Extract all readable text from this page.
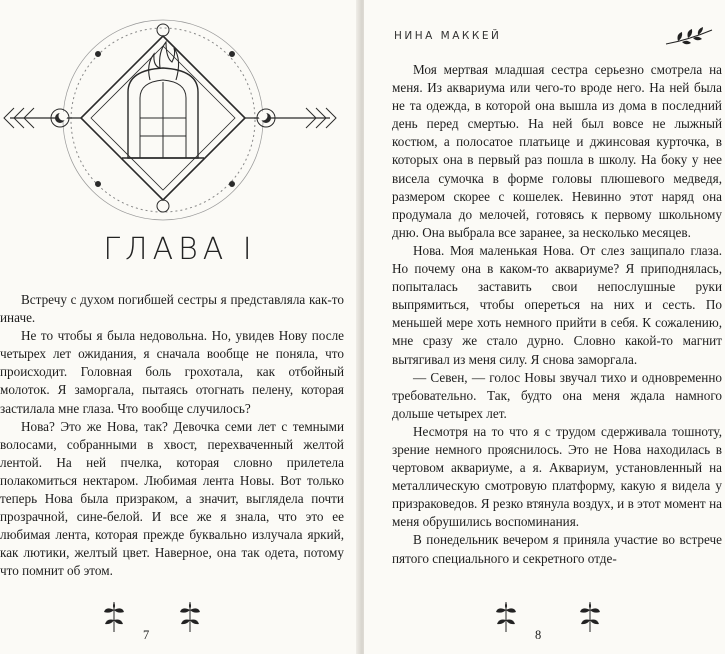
ГЛАВА I

Встречу с духом погибшей сестры я представляла как-то иначе.

Не то чтобы я была недовольна. Но, увидев Нову после четырех лет ожидания, я сначала вообще не поняла, что происходит. Головная боль грохотала, как отбойный молоток. Я заморгала, пытаясь отогнать пелену, которая застилала мне глаза. Что вообще случилось?

Нова? Это же Нова, так? Девочка семи лет с темными волосами, собранными в хвост, перехваченный желтой лентой. На ней пчелка, которая словно прилетела полакомиться нектаром. Любимая лента Новы. Вот только теперь Нова была призраком, а значит, выглядела почти прозрачной, сине-белой. И все же я знала, что это ее любимая лента, которая прежде буквально излучала яркий, как лютики, желтый цвет. Наверное, она так одета, потому что помнит об этом.

7
НИНА МАККЕЙ

Моя мертвая младшая сестра серьезно смотрела на меня. Из аквариума или чего-то вроде него. На ней была не та одежда, в которой она вышла из дома в последний день перед смертью. На ней был вовсе не лыжный костюм, а полосатое платьице и джинсовая курточка, в которых она в первый раз пошла в школу. На боку у нее висела сумочка в форме головы плюшевого медведя, размером скорее с кошелек. Невинно этот наряд она продумала до мелочей, готовясь к первому школьному дню. Она выбрала все заранее, за несколько месяцев.

Нова. Моя маленькая Нова. От слез защипало глаза. Но почему она в каком-то аквариуме? Я приподнялась, попыталась заставить свои непослушные руки выпрямиться, чтобы опереться на них и сесть. По меньшей мере хоть немного прийти в себя. К сожалению, мне сразу же стало дурно. Словно какой-то магнит вытягивал из меня силу. Я снова заморгала.

— Севен, — голос Новы звучал тихо и одновременно требовательно. Так, будто она меня ждала намного дольше четырех лет.

Несмотря на то что я с трудом сдерживала тошноту, зрение немного прояснилось. Это не Нова находилась в чертовом аквариуме, а я. Аквариум, установленный на металлическую смотровую платформу, какую я видела у призраковедов. Я резко втянула воздух, и в этот момент на меня обрушились воспоминания.

В понедельник вечером я приняла участие во встрече пятого специального и секретного отде-

8
